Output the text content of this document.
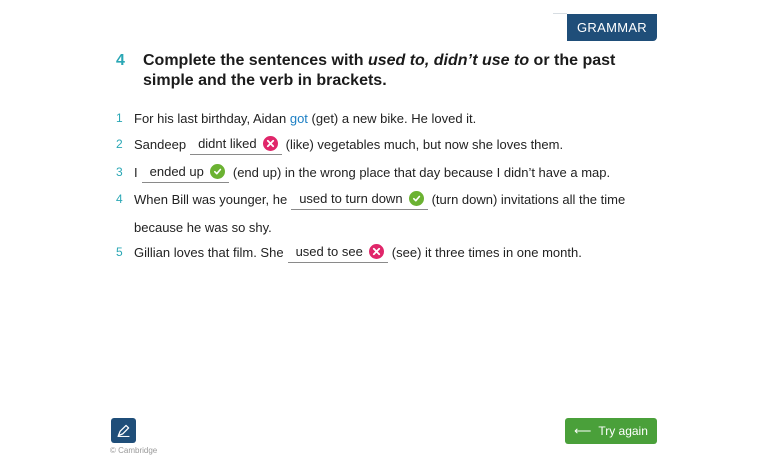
GRAMMAR
4 Complete the sentences with used to, didn’t use to or the past simple and the verb in brackets.
1 For his last birthday, Aidan got (get) a new bike. He loved it.
2 Sandeep didnt liked (like) vegetables much, but now she loves them.
3 I ended up (end up) in the wrong place that day because I didn’t have a map.
4 When Bill was younger, he used to turn down (turn down) invitations all the time
because he was so shy.
5 Gillian loves that film. She used to see (see) it three times in one month.
© Cambridge
⟵ Try again
